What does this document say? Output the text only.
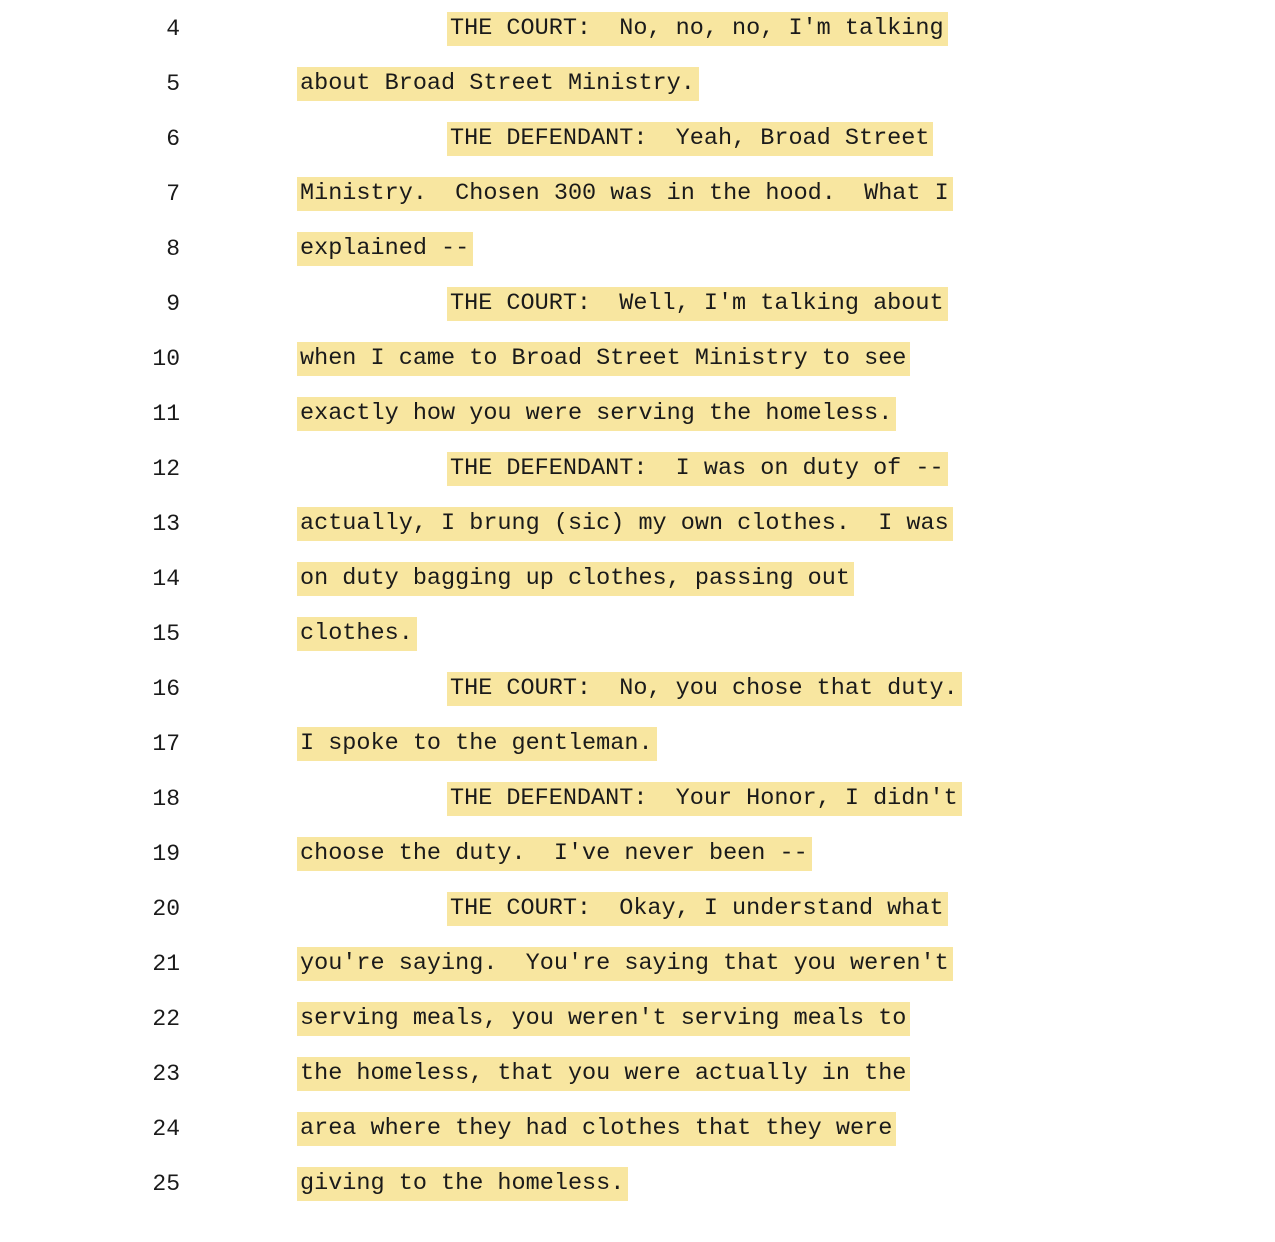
4	THE COURT:  No, no, no, I'm talking
5	about Broad Street Ministry.
6	THE DEFENDANT:  Yeah, Broad Street
7	Ministry.  Chosen 300 was in the hood.  What I
8	explained --
9	THE COURT:  Well, I'm talking about
10	when I came to Broad Street Ministry to see
11	exactly how you were serving the homeless.
12	THE DEFENDANT:  I was on duty of --
13	actually, I brung (sic) my own clothes.  I was
14	on duty bagging up clothes, passing out
15	clothes.
16	THE COURT:  No, you chose that duty.
17	I spoke to the gentleman.
18	THE DEFENDANT:  Your Honor, I didn't
19	choose the duty.  I've never been --
20	THE COURT:  Okay, I understand what
21	you're saying.  You're saying that you weren't
22	serving meals, you weren't serving meals to
23	the homeless, that you were actually in the
24	area where they had clothes that they were
25	giving to the homeless.
